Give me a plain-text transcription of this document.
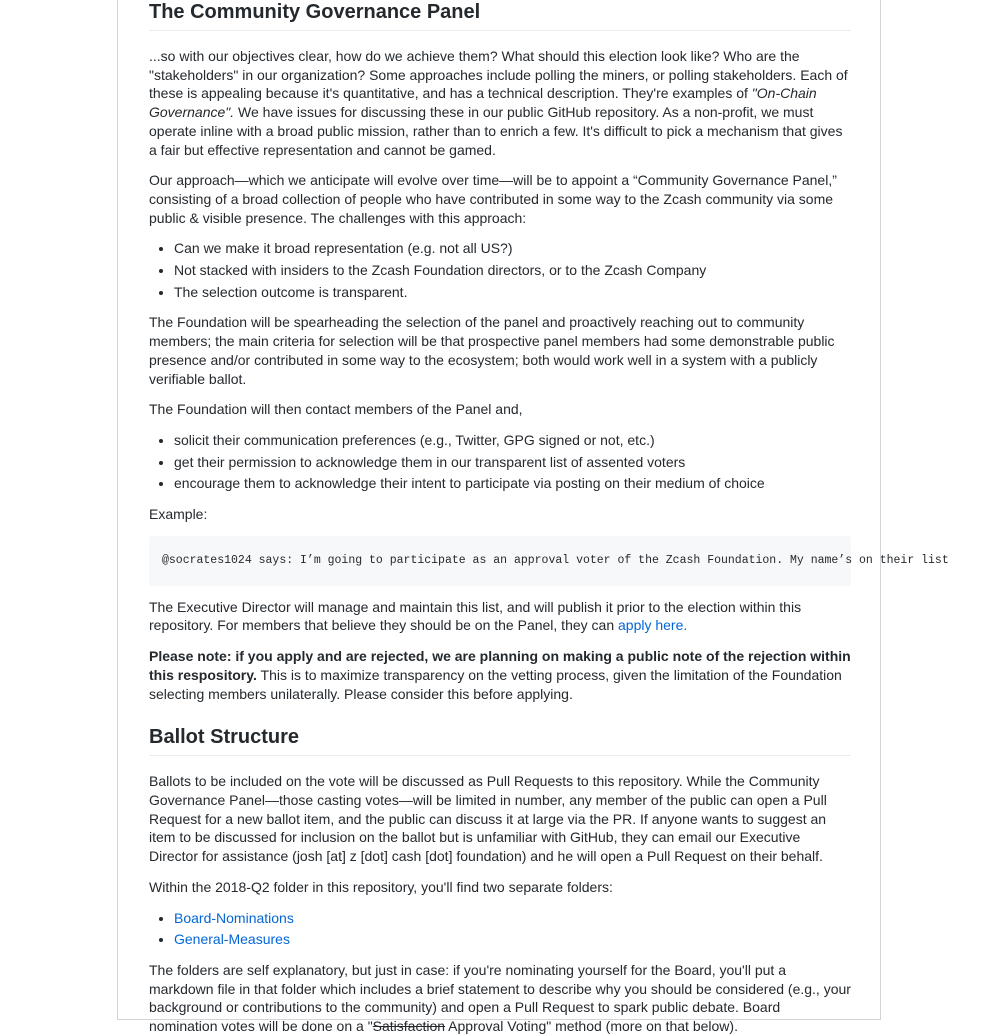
The Community Governance Panel

...so with our objectives clear, how do we achieve them? What should this election look like? Who are the "stakeholders" in our organization? Some approaches include polling the miners, or polling stakeholders. Each of these is appealing because it's quantitative, and has a technical description. They're examples of "On-Chain Governance". We have issues for discussing these in our public GitHub repository. As a non-profit, we must operate inline with a broad public mission, rather than to enrich a few. It's difficult to pick a mechanism that gives a fair but effective representation and cannot be gamed.

Our approach—which we anticipate will evolve over time—will be to appoint a “Community Governance Panel,” consisting of a broad collection of people who have contributed in some way to the Zcash community via some public & visible presence. The challenges with this approach:

• Can we make it broad representation (e.g. not all US?)
• Not stacked with insiders to the Zcash Foundation directors, or to the Zcash Company
• The selection outcome is transparent.

The Foundation will be spearheading the selection of the panel and proactively reaching out to community members; the main criteria for selection will be that prospective panel members had some demonstrable public presence and/or contributed in some way to the ecosystem; both would work well in a system with a publicly verifiable ballot.

The Foundation will then contact members of the Panel and,

• solicit their communication preferences (e.g., Twitter, GPG signed or not, etc.)
• get their permission to acknowledge them in our transparent list of assented voters
• encourage them to acknowledge their intent to participate via posting on their medium of choice

Example:

@socrates1024 says: I’m going to participate as an approval voter of the Zcash Foundation. My name’s on their list

The Executive Director will manage and maintain this list, and will publish it prior to the election within this repository. For members that believe they should be on the Panel, they can apply here.

Please note: if you apply and are rejected, we are planning on making a public note of the rejection within this respository. This is to maximize transparency on the vetting process, given the limitation of the Foundation selecting members unilaterally. Please consider this before applying.

Ballot Structure

Ballots to be included on the vote will be discussed as Pull Requests to this repository. While the Community Governance Panel—those casting votes—will be limited in number, any member of the public can open a Pull Request for a new ballot item, and the public can discuss it at large via the PR. If anyone wants to suggest an item to be discussed for inclusion on the ballot but is unfamiliar with GitHub, they can email our Executive Director for assistance (josh [at] z [dot] cash [dot] foundation) and he will open a Pull Request on their behalf.

Within the 2018-Q2 folder in this repository, you'll find two separate folders:

• Board-Nominations
• General-Measures

The folders are self explanatory, but just in case: if you're nominating yourself for the Board, you'll put a markdown file in that folder which includes a brief statement to describe why you should be considered (e.g., your background or contributions to the community) and open a Pull Request to spark public debate. Board nomination votes will be done on a "Satisfaction Approval Voting" method (more on that below).
